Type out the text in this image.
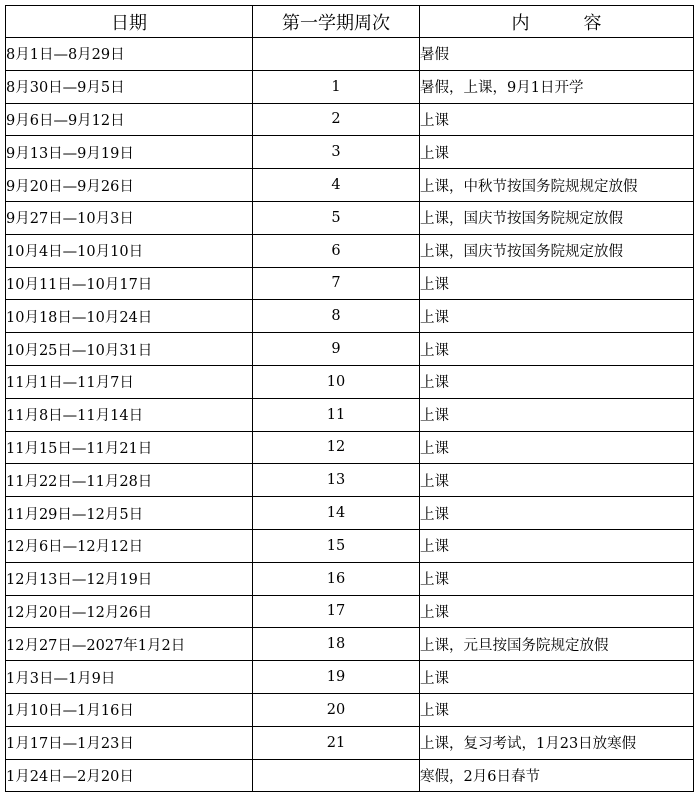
日期	第一学期周次	内　　　容
8月1日—8月29日		暑假
8月30日—9月5日	1	暑假，上课，9月1日开学
9月6日—9月12日	2	上课
9月13日—9月19日	3	上课
9月20日—9月26日	4	上课，中秋节按国务院规规定放假
9月27日—10月3日	5	上课，国庆节按国务院规定放假
10月4日—10月10日	6	上课，国庆节按国务院规定放假
10月11日—10月17日	7	上课
10月18日—10月24日	8	上课
10月25日—10月31日	9	上课
11月1日—11月7日	10	上课
11月8日—11月14日	11	上课
11月15日—11月21日	12	上课
11月22日—11月28日	13	上课
11月29日—12月5日	14	上课
12月6日—12月12日	15	上课
12月13日—12月19日	16	上课
12月20日—12月26日	17	上课
12月27日—2027年1月2日	18	上课，元旦按国务院规定放假
1月3日—1月9日	19	上课
1月10日—1月16日	20	上课
1月17日—1月23日	21	上课，复习考试，1月23日放寒假
1月24日—2月20日		寒假，2月6日春节
